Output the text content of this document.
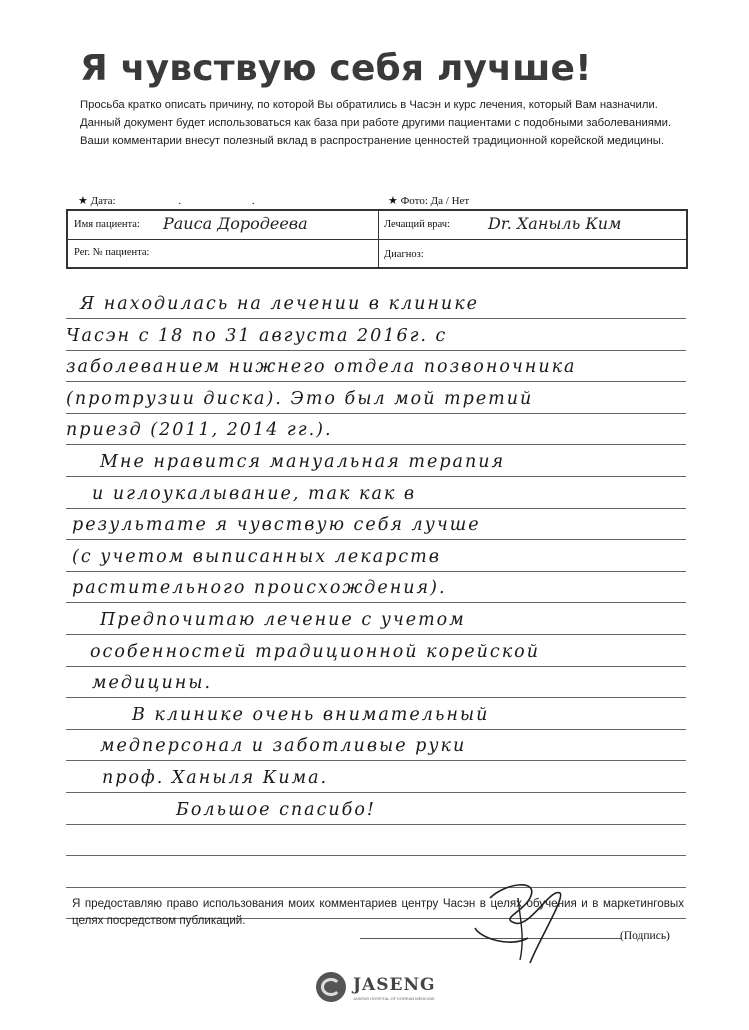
Я чувствую себя лучше!
Просьба кратко описать причину, по которой Вы обратились в Часэн и курс лечения, который Вам назначили.
Данный документ будет использоваться как база при работе другими пациентами с подобными заболеваниями.
Ваши комментарии внесут полезный вклад в распространение ценностей традиционной корейской медицины.
★ Дата:	. .	★ Фото: Да / Нет
Имя пациента: Раиса Дородеева	Лечащий врач: Dr. Ханыль Ким
Рег. № пациента:	Диагноз:
Я находилась на лечении в клинике
Часэн с 18 по 31 августа 2016г. с
заболеванием нижнего отдела позвоночника
(протрузии диска). Это был мой третий
приезд (2011, 2014 гг.).
Мне нравится мануальная терапия
и иглоукалывание, так как в
результате я чувствую себя лучше
(с учетом выписанных лекарств
растительного происхождения).
Предпочитаю лечение с учетом
особенностей традиционной корейской
медицины.
В клинике очень внимательный
медперсонал и заботливые руки
проф. Ханыля Кима.
Большое спасибо!
Я предоставляю право использования моих комментариев центру Часэн в целях обучения и в маркетинговых целях посредством публикаций.
(Подпись)
JASENG
JASENG HOSPITAL OF KOREAN MEDICINE
